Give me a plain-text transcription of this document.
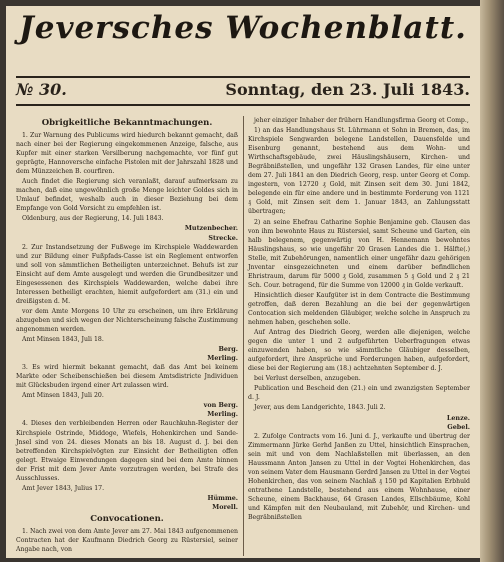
Jeversches Wochenblatt.
№ 30.	Sonntag, den 23. Juli 1843.
Obrigkeitliche Bekanntmachungen.

1. Zur Warnung des Publicums wird hiedurch bekannt gemacht, daß nach einer bei der Regierung eingekommenen Anzeige, falsche, aus Kupfer mit einer starken Versilberung nachgemachte, vor fünf gut geprägte, Hannoversche einfache Pistolen mit der Jahrszahl 1828 und dem Münzzeichen B. courfiren.

Auch findet die Regierung sich veranlaßt, darauf aufmerksam zu machen, daß eine ungewöhnlich große Menge leichter Goldes sich in Umlauf befindet, weshalb auch in dieser Beziehung bei dem Empfange von Gold Vorsicht zu empfehlen ist.

Oldenburg, aus der Regierung, 14. Juli 1843.

Mutzenbecher.
Strecke.

2. Zur Instandsetzung der Fußwege im Kirchspiele Waddewarden und zur Bildung einer Fußpfads-Casse ist ein Reglement entworfen und soll von sämmtlichen Betheiligten unterzeichnet. Behufs ist zur Einsicht auf dem Amte ausgelegt und werden die Grundbesitzer und Eingesessenen des Kirchspiels Waddewarden, welche dabei ihre Interessen betheiligt erachten, hiemit aufgefordert am (31.) ein und dreißigsten d. M.

vor dem Amte Morgens 10 Uhr zu erscheinen, um ihre Erklärung abzugeben und sich wegen der Nichterscheinung falsche Zustimmung angenommen werden.

Amt Minsen 1843, Juli 18.

Berg.
Merling.

3. Es wird hiermit bekannt gemacht, daß das Amt bei keinem Markte oder Scheibenschießen bei diesem Amtsdistricte Jndividuen mit Glücksbuden irgend einer Art zulassen wird.

Amt Minsen 1843, Juli 20.

von Berg.
Merling.

4. Dieses den verbleibenden Herren oder Rauchkuhn-Register der Kirchspiele Ostrinde, Middoge, Wiefels, Hohenkirchen und Sande-Jnsel sind von 24. dieses Monats an bis 18. August d. J. bei den betreffenden Kirchspielvögten zur Einsicht der Betheiligten offen gelegt. Etwaige Einwendungen dagegen sind bei dem Amte binnen der Frist mit dem Jever Amte vorzutragen werden, bei Strafe des Ausschlusses.

Amt Jever 1843, Julius 17.

Hümme.
Morell.
Convocationen.

1. Nach zwei von dem Amte Jever am 27. Mai 1843 aufgenommenen Contracten hat der Kaufmann Diedrich Georg zu Rüstersiel, seiner Angabe nach, von

jeher einziger Inhaber der frühern Handlungsfirma Georg et Comp.,

1) an das Handlungshaus St. Lührmann et Sohn in Bremen, das, im Kirchspiele Sengwarden belegene Landstellen, Dauensfelde und Eisenburg genannt, bestehend aus dem Wohn- und Wirthschaftsgebäude, zwei Häuslingshäusern, Kirchen- und Begräbnißstellen, und ungefähr 132 Grasen Landes, für eine unter dem 27. Juli 1841 an den Diedrich Georg, resp. unter Georg et Comp. ingestern, von 12720 ₰ Gold, mit Zinsen seit dem 30. Juni 1842, belegende ein für eine andere und in bestimmte Forderung von 1121 ₰ Gold, mit Zinsen seit dem 1. Januar 1843, an Zahlungsstatt übertragen;

2) an seine Ehefrau Catharine Sophie Benjamine geb. Clausen das von ihm bewohnte Haus zu Rüstersiel, samt Scheune und Garten, ein halb belegenem, gegenwärtig von H. Hennemann bewohntes Häuslingshaus, so wie ungefähr 20 Grasen Landes die 1. Hälfte(.) Stelle, mit Zubehörungen, namentlich einer ungefähr dazu gehörigen Jnventar einsgezeichneten und einem darüber befindlichen Ehristraum, darum für 5000 ₰ Gold, zusammen 5 ₰ Gold und 2 ₰ 21 Sch. Cour. betragend, für die Summe von 12000 ₰ in Golde verkauft.

Hinsichtlich dieser Kaufgüter ist in dem Contracte die Bestimmung getroffen, daß deren Bezahlung an die bei der gegenwärtigen Contocation sich meldenden Gläubiger, welche solche in Anspruch zu nehmen haben, geschehen solle.

Auf Antrag des Diedrich Georg, werden alle diejenigen, welche gegen die unter 1 und 2 aufgeführten Ueberfragungen etwas einzuwenden haben, so wie sämmtliche Gläubiger desselben, aufgefordert, ihre Ansprüche und Forderungen haben, aufgefordert, diese bei der Regierung am (18.) achtzehnten September d. J.

bei Verlust derselben, anzugeben.

Publication und Bescheid den (21.) ein und zwanzigsten September d. J.

Jever, aus dem Landgerichte, 1843. Juli 2.

Lenze.
Gebel.

2. Zufolge Contracts vom 16. Juni d. J., verkaufte und übertrug der Zimmermann Jürke Gerhd Janßen zu Uttel, hinsichtlich Einsprachen, sein mit und von dem Nachlaßstellen mit überlassen, an den Haussmann Anton Jansen zu Uttel in der Vogtei Hohenkirchen, das von seinem Vater dem Hausmann Gerdrd Jansen zu Uttel in der Vogtei Hohenkirchen, das von seinem Nachlaß ₰ 150 pd Kapitalien Erbhuld entrathene Landstelle, bestehend aus einem Wohnhause, einer Scheune, einem Backhause, 64 Grasen Landes, Ellschbäume, Kohl und Kämpfen mit den Neubauland, mit Zubehör, und Kirchen- und Begräbnißstellen
